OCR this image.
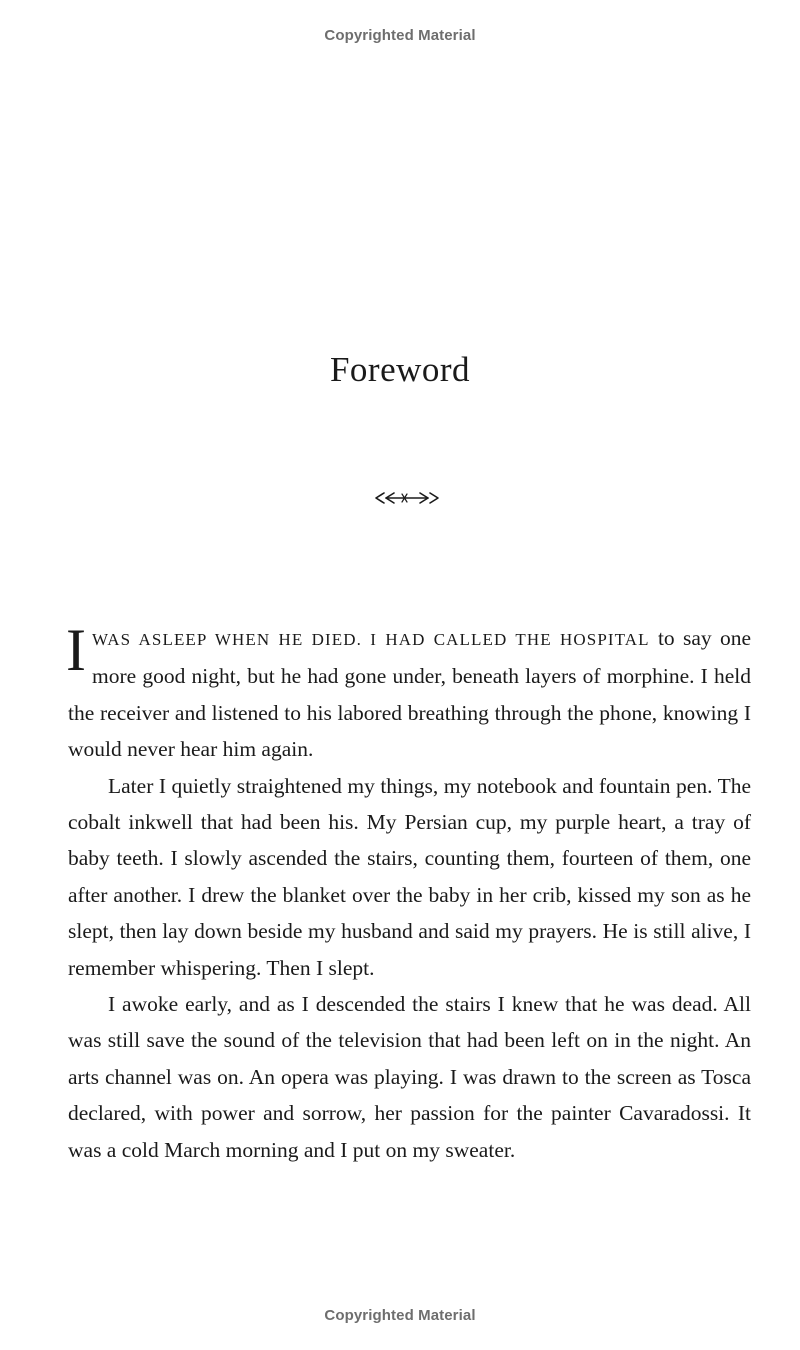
Copyrighted Material
Foreword

IWAS ASLEEP WHEN HE DIED. I HAD CALLED THE HOSPITAL to say one more good night, but he had gone under, beneath layers of morphine. I held the receiver and listened to his labored breathing through the phone, knowing I would never hear him again.

Later I quietly straightened my things, my notebook and fountain pen. The cobalt inkwell that had been his. My Persian cup, my purple heart, a tray of baby teeth. I slowly ascended the stairs, counting them, fourteen of them, one after another. I drew the blanket over the baby in her crib, kissed my son as he slept, then lay down beside my husband and said my prayers. He is still alive, I remember whispering. Then I slept.

I awoke early, and as I descended the stairs I knew that he was dead. All was still save the sound of the television that had been left on in the night. An arts channel was on. An opera was playing. I was drawn to the screen as Tosca declared, with power and sorrow, her passion for the painter Cavaradossi. It was a cold March morning and I put on my sweater.

Copyrighted Material
